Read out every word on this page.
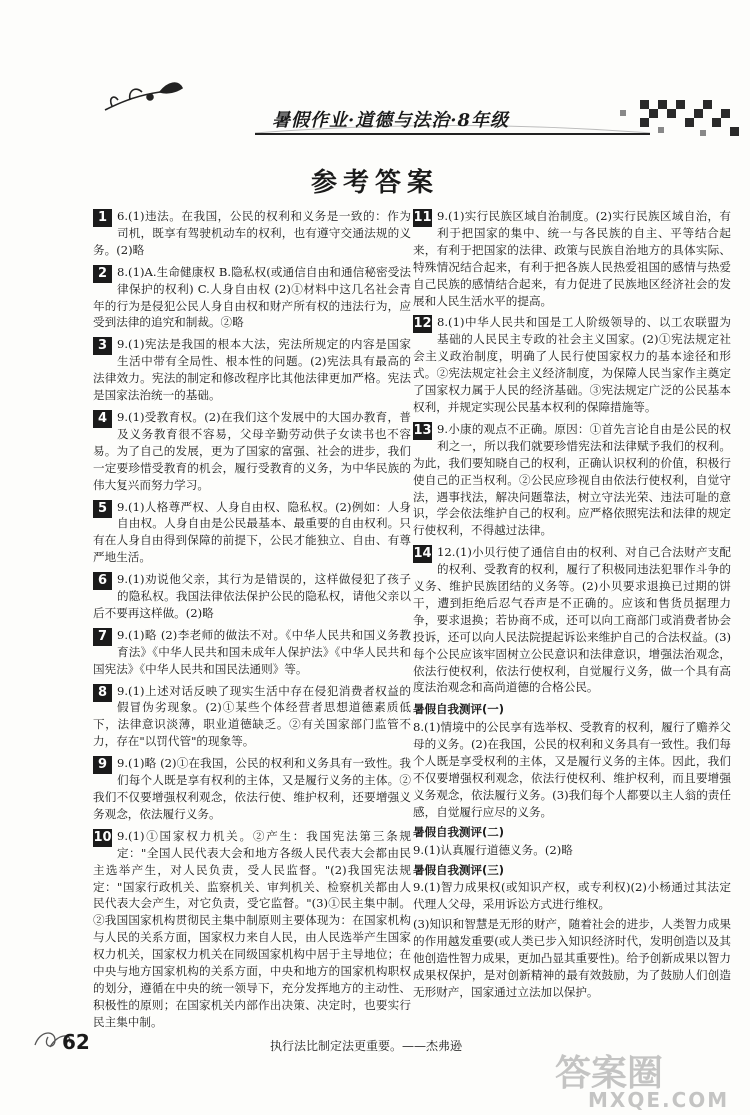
暑假作业·道德与法治·8年级
参考答案
1 6.(1)违法。在我国，公民的权利和义务是一致的：作为司机，既享有驾驶机动车的权利，也有遵守交通法规的义务。(2)略
2 8.(1)A.生命健康权 B.隐私权(或通信自由和通信秘密受法律保护的权利) C.人身自由权 (2)①材料中这几名社会青年的行为是侵犯公民人身自由权和财产所有权的违法行为，应受到法律的追究和制裁。②略
3 9.(1)宪法是我国的根本大法，宪法所规定的内容是国家生活中带有全局性、根本性的问题。(2)宪法具有最高的法律效力。宪法的制定和修改程序比其他法律更加严格。宪法是国家法治统一的基础。
4 9.(1)受教育权。(2)在我们这个发展中的大国办教育，普及义务教育很不容易，父母辛勤劳动供子女读书也不容易。为了自己的发展，更为了国家的富强、社会的进步，我们一定要珍惜受教育的机会，履行受教育的义务，为中华民族的伟大复兴而努力学习。
5 9.(1)人格尊严权、人身自由权、隐私权。(2)例如：人身自由权。人身自由是公民最基本、最重要的自由权利。只有在人身自由得到保障的前提下，公民才能独立、自由、有尊严地生活。
6 9.(1)劝说他父亲，其行为是错误的，这样做侵犯了孩子的隐私权。我国法律依法保护公民的隐私权，请他父亲以后不要再这样做。(2)略
7 9.(1)略 (2)李老师的做法不对。《中华人民共和国义务教育法》《中华人民共和国未成年人保护法》《中华人民共和国宪法》《中华人民共和国民法通则》等。
8 9.(1)上述对话反映了现实生活中存在侵犯消费者权益的假冒伪劣现象。(2)①某些个体经营者思想道德素质低下，法律意识淡薄，职业道德缺乏。②有关国家部门监管不力，存在"以罚代管"的现象等。
9 9.(1)略 (2)①在我国，公民的权利和义务具有一致性。我们每个人既是享有权利的主体，又是履行义务的主体。②我们不仅要增强权利观念，依法行使、维护权利，还要增强义务观念，依法履行义务。
10 9.(1)①国家权力机关。②产生：我国宪法第三条规定："全国人民代表大会和地方各级人民代表大会都由民主选举产生，对人民负责，受人民监督。"(2)我国宪法规定："国家行政机关、监察机关、审判机关、检察机关都由人民代表大会产生，对它负责，受它监督。"(3)①民主集中制。②我国国家机构贯彻民主集中制原则主要体现为：在国家机构与人民的关系方面，国家权力来自人民，由人民选举产生国家权力机关，国家权力机关在同级国家机构中居于主导地位；在中央与地方国家机构的关系方面，中央和地方的国家机构职权的划分，遵循在中央的统一领导下，充分发挥地方的主动性、积极性的原则；在国家机关内部作出决策、决定时，也要实行民主集中制。
11 9.(1)实行民族区域自治制度。(2)实行民族区域自治，有利于把国家的集中、统一与各民族的自主、平等结合起来，有利于把国家的法律、政策与民族自治地方的具体实际、特殊情况结合起来，有利于把各族人民热爱祖国的感情与热爱自己民族的感情结合起来，有力促进了民族地区经济社会的发展和人民生活水平的提高。
12 8.(1)中华人民共和国是工人阶级领导的、以工农联盟为基础的人民民主专政的社会主义国家。(2)①宪法规定社会主义政治制度，明确了人民行使国家权力的基本途径和形式。②宪法规定社会主义经济制度，为保障人民当家作主奠定了国家权力属于人民的经济基础。③宪法规定广泛的公民基本权利，并规定实现公民基本权利的保障措施等。
13 9.小康的观点不正确。原因：①首先言论自由是公民的权利之一，所以我们就要珍惜宪法和法律赋予我们的权利。为此，我们要知晓自己的权利，正确认识权利的价值，积极行使自己的正当权利。②公民应珍视自由依法行使权利，自觉守法，遇事找法，解决问题靠法，树立守法光荣、违法可耻的意识，学会依法维护自己的权利。应严格依照宪法和法律的规定行使权利，不得越过法律。
14 12.(1)小贝行使了通信自由的权利、对自己合法财产支配的权利、受教育的权利，履行了积极同违法犯罪作斗争的义务、维护民族团结的义务等。(2)小贝要求退换已过期的饼干，遭到拒绝后忍气吞声是不正确的。应该和售货员据理力争，要求退换；若协商不成，还可以向工商部门或消费者协会投诉，还可以向人民法院提起诉讼来维护自己的合法权益。(3)每个公民应该牢固树立公民意识和法律意识，增强法治观念，依法行使权利，依法行使权利，自觉履行义务，做一个具有高度法治观念和高尚道德的合格公民。
暑假自我测评(一)
8.(1)情境中的公民享有选举权、受教育的权利，履行了赡养父母的义务。(2)在我国，公民的权利和义务具有一致性。我们每个人既是享受权利的主体，又是履行义务的主体。因此，我们不仅要增强权利观念，依法行使权利、维护权利，而且要增强义务观念，依法履行义务。(3)我们每个人都要以主人翁的责任感，自觉履行应尽的义务。
暑假自我测评(二)
9.(1)认真履行道德义务。(2)略
暑假自我测评(三)
9.(1)智力成果权(或知识产权，或专利权)(2)小杨通过其法定代理人父母，采用诉讼方式进行维权。
(3)知识和智慧是无形的财产，随着社会的进步，人类智力成果的作用越发重要(或人类已步入知识经济时代，发明创造以及其他创造性智力成果，更加凸显其重要性)。给予创新成果以智力成果权保护，是对创新精神的最有效鼓励，为了鼓励人们创造无形财产，国家通过立法加以保护。
62	执行法比制定法更重要。——杰弗逊
答案圈
MXQE.COM
